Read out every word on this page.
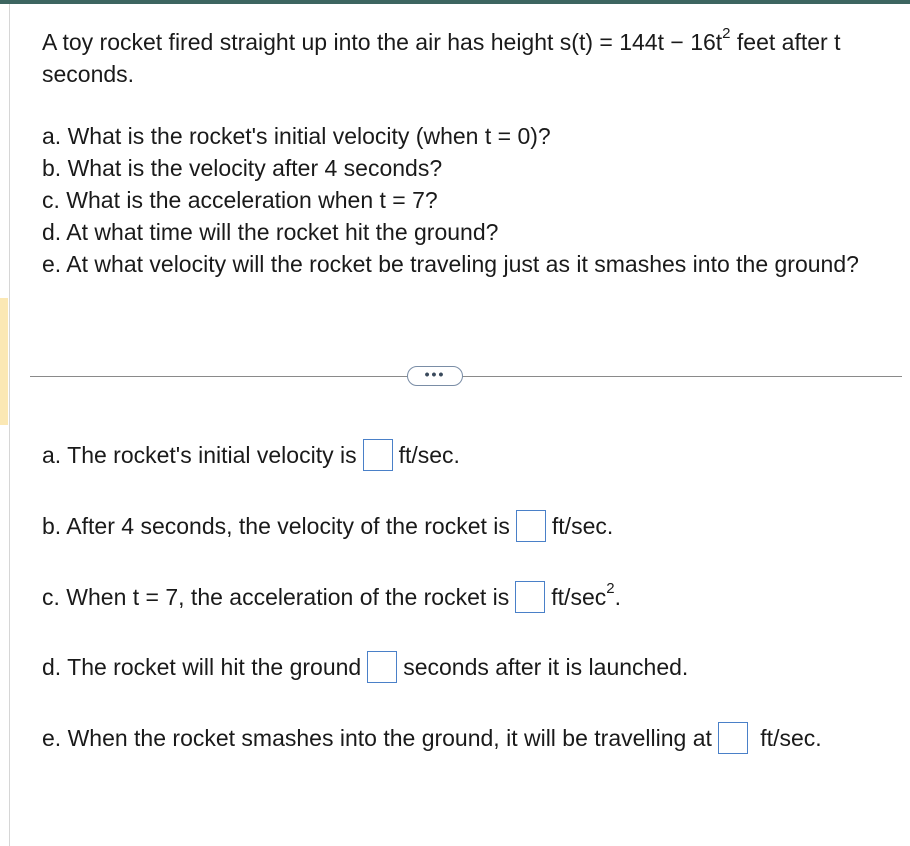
A toy rocket fired straight up into the air has height $s(t) = 144t - 16t^2$ feet after t seconds.

a. What is the rocket's initial velocity (when t = 0)?

b. What is the velocity after 4 seconds?

c. What is the acceleration when t = 7?

d. At what time will the rocket hit the ground?

e. At what velocity will the rocket be traveling just as it smashes into the ground?

•••
a. The rocket's initial velocity is ft/sec.
b. After 4 seconds, the velocity of the rocket is ft/sec.
c. When t = 7, the acceleration of the rocket is $ft/\sec^2$.
d. The rocket will hit the ground seconds after it is launched.
e. When the rocket smashes into the ground, it will be travelling at ft/sec.
